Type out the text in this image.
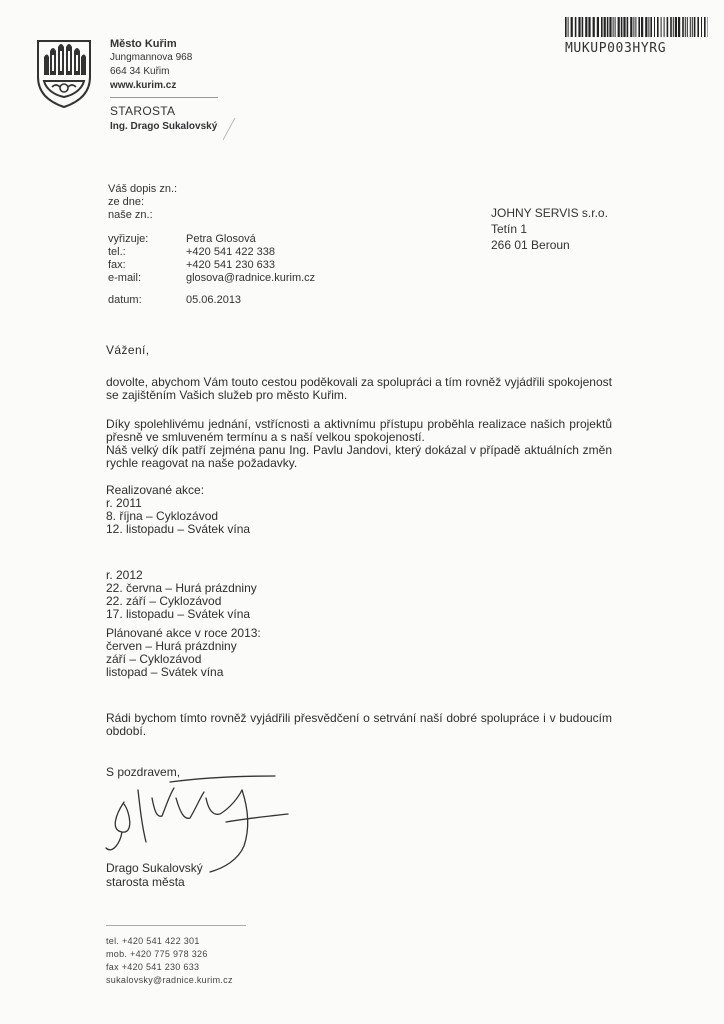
Město Kuřim
Jungmannova 968
664 34 Kuřim
www.kurim.cz
STAROSTA
Ing. Drago Sukalovský
MUKUP003HYRG
Váš dopis zn.:
ze dne:
naše zn.:
vyřizuje:
tel.:
fax:
e-mail:
datum:
Petra Glosová
+420 541 422 338
+420 541 230 633
glosova@radnice.kurim.cz
05.06.2013
JOHNY SERVIS s.r.o.
Tetín 1
266 01 Beroun
Vážení,
dovolte, abychom Vám touto cestou poděkovali za spolupráci a tím rovněž vyjádřili spokojenost se zajištěním Vašich služeb pro město Kuřim.
Díky spolehlivému jednání, vstřícnosti a aktivnímu přístupu proběhla realizace našich projektů přesně ve smluveném termínu a s naší velkou spokojeností.
Náš velký dík patří zejména panu Ing. Pavlu Jandovi, který dokázal v případě aktuálních změn rychle reagovat na naše požadavky.
Realizované akce:
r. 2011
8. října – Cyklozávod
12. listopadu – Svátek vína
r. 2012
22. června – Hurá prázdniny
22. září – Cyklozávod
17. listopadu – Svátek vína
Plánované akce v roce 2013:
červen – Hurá prázdniny
září – Cyklozávod
listopad – Svátek vína
Rádi bychom tímto rovněž vyjádřili přesvědčení o setrvání naší dobré spolupráce i v budoucím období.
S pozdravem,
Drago Sukalovský
starosta města
tel. +420 541 422 301
mob. +420 775 978 326
fax +420 541 230 633
sukalovsky@radnice.kurim.cz
